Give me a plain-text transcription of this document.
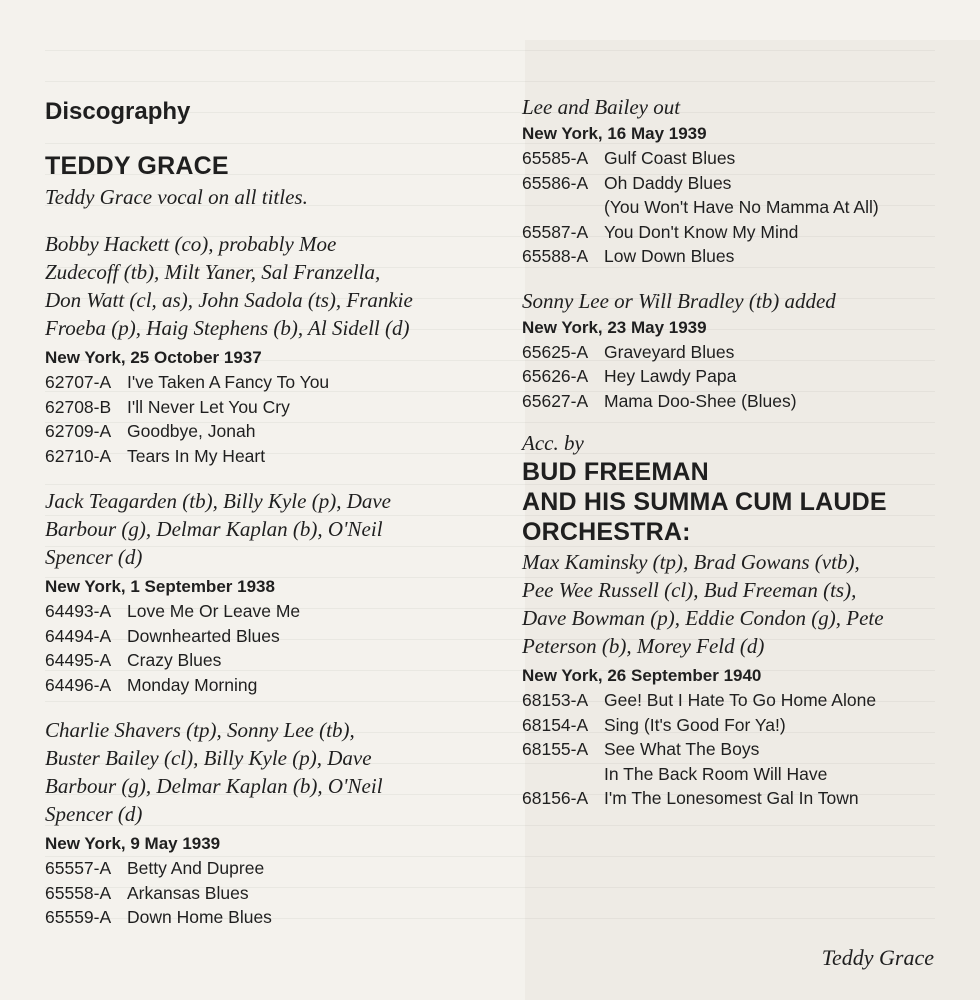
Discography
TEDDY GRACE
Teddy Grace vocal on all titles.
Bobby Hackett (co), probably Moe
Zudecoff (tb), Milt Yaner, Sal Franzella,
Don Watt (cl, as), John Sadola (ts), Frankie
Froeba (p), Haig Stephens (b), Al Sidell (d)
New York, 25 October 1937
62707-A I've Taken A Fancy To You
62708-B I'll Never Let You Cry
62709-A Goodbye, Jonah
62710-A Tears In My Heart
Jack Teagarden (tb), Billy Kyle (p), Dave
Barbour (g), Delmar Kaplan (b), O'Neil
Spencer (d)
New York, 1 September 1938
64493-A Love Me Or Leave Me
64494-A Downhearted Blues
64495-A Crazy Blues
64496-A Monday Morning
Charlie Shavers (tp), Sonny Lee (tb),
Buster Bailey (cl), Billy Kyle (p), Dave
Barbour (g), Delmar Kaplan (b), O'Neil
Spencer (d)
New York, 9 May 1939
65557-A Betty And Dupree
65558-A Arkansas Blues
65559-A Down Home Blues
Lee and Bailey out
New York, 16 May 1939
65585-A Gulf Coast Blues
65586-A Oh Daddy Blues
(You Won't Have No Mamma At All)
65587-A You Don't Know My Mind
65588-A Low Down Blues
Sonny Lee or Will Bradley (tb) added
New York, 23 May 1939
65625-A Graveyard Blues
65626-A Hey Lawdy Papa
65627-A Mama Doo-Shee (Blues)
Acc. by
BUD FREEMAN
AND HIS SUMMA CUM LAUDE
ORCHESTRA:
Max Kaminsky (tp), Brad Gowans (vtb),
Pee Wee Russell (cl), Bud Freeman (ts),
Dave Bowman (p), Eddie Condon (g), Pete
Peterson (b), Morey Feld (d)
New York, 26 September 1940
68153-A Gee! But I Hate To Go Home Alone
68154-A Sing (It's Good For Ya!)
68155-A See What The Boys
In The Back Room Will Have
68156-A I'm The Lonesomest Gal In Town
Teddy Grace
